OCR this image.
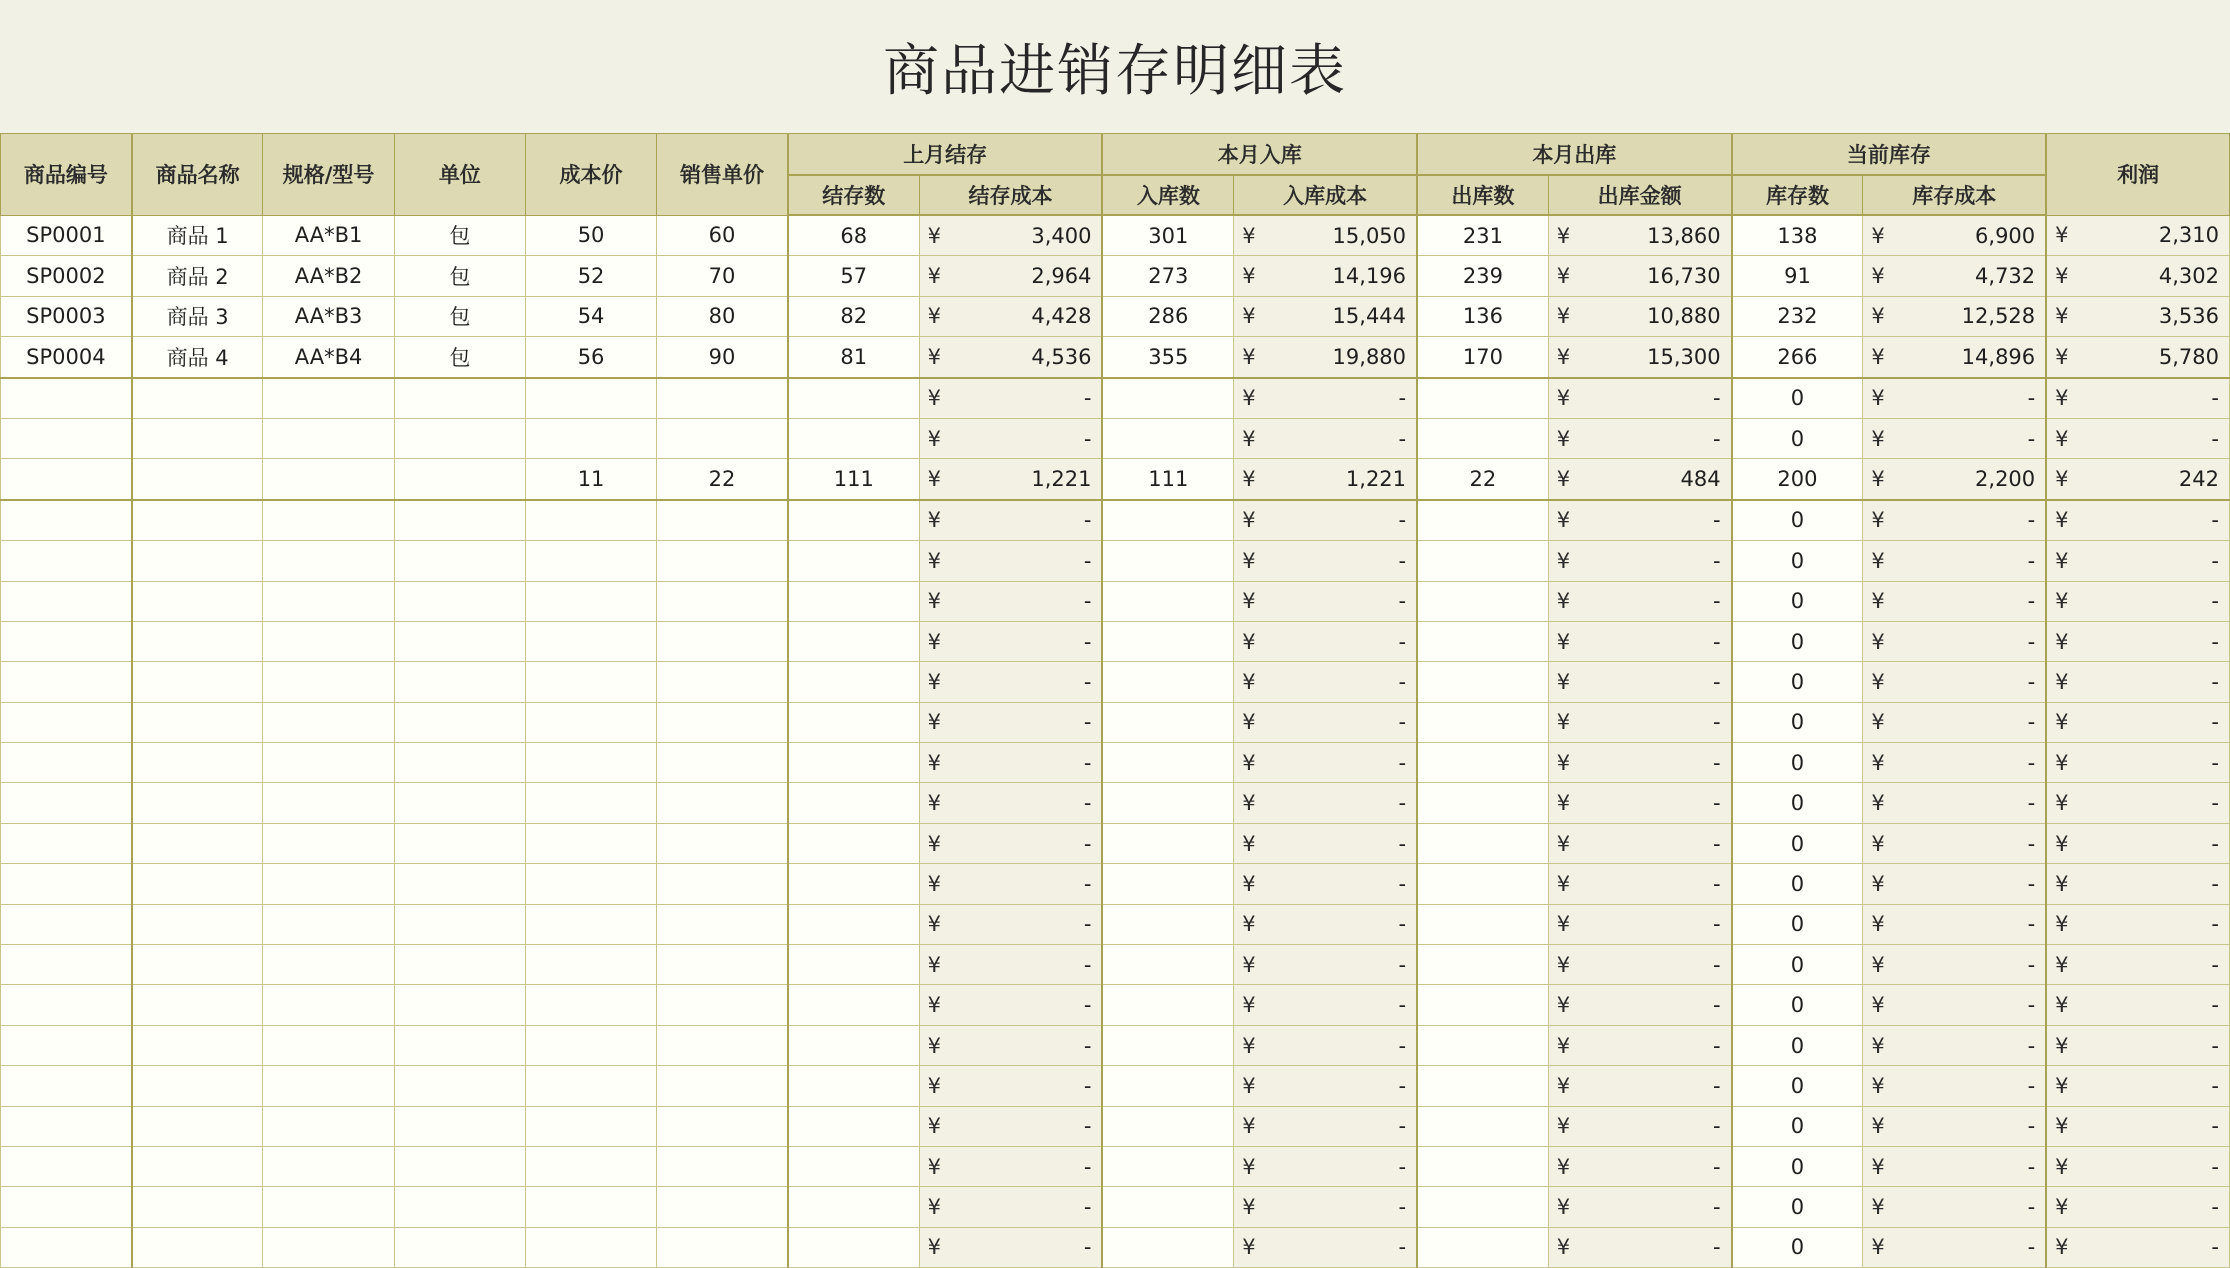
商品进销存明细表
商品编号	商品名称	规格/型号	单位	成本价	销售单价	上月结存		本月入库		本月出库		当前库存		利润
						结存数	结存成本	入库数	入库成本	出库数	出库金额	库存数	库存成本	
SP0001	商品 1	AA*B1	包	50	60	68	¥ 3,400	301	¥ 15,050	231	¥ 13,860	138	¥ 6,900	¥ 2,310

SP0002	商品 2	AA*B2	包	52	70	57	¥ 2,964	273	¥ 14,196	239	¥ 16,730	91	¥ 4,732	¥ 4,302

SP0003	商品 3	AA*B3	包	54	80	82	¥ 4,428	286	¥ 15,444	136	¥ 10,880	232	¥ 12,528	¥ 3,536

SP0004	商品 4	AA*B4	包	56	90	81	¥ 4,536	355	¥ 19,880	170	¥ 15,300	266	¥ 14,896	¥ 5,780

							¥ -		¥ -		¥ -	0	¥ -	¥ -

							¥ -		¥ -		¥ -	0	¥ -	¥ -

				11	22	111	¥ 1,221	111	¥ 1,221	22	¥ 484	200	¥ 2,200	¥ 242

							¥ -		¥ -		¥ -	0	¥ -	¥ -

							¥ -		¥ -		¥ -	0	¥ -	¥ -

							¥ -		¥ -		¥ -	0	¥ -	¥ -

							¥ -		¥ -		¥ -	0	¥ -	¥ -

							¥ -		¥ -		¥ -	0	¥ -	¥ -

							¥ -		¥ -		¥ -	0	¥ -	¥ -

							¥ -		¥ -		¥ -	0	¥ -	¥ -

							¥ -		¥ -		¥ -	0	¥ -	¥ -

							¥ -		¥ -		¥ -	0	¥ -	¥ -

							¥ -		¥ -		¥ -	0	¥ -	¥ -

							¥ -		¥ -		¥ -	0	¥ -	¥ -

							¥ -		¥ -		¥ -	0	¥ -	¥ -

							¥ -		¥ -		¥ -	0	¥ -	¥ -

							¥ -		¥ -		¥ -	0	¥ -	¥ -

							¥ -		¥ -		¥ -	0	¥ -	¥ -

							¥ -		¥ -		¥ -	0	¥ -	¥ -

							¥ -		¥ -		¥ -	0	¥ -	¥ -

							¥ -		¥ -		¥ -	0	¥ -	¥ -

							¥ -		¥ -		¥ -	0	¥ -	¥ -
